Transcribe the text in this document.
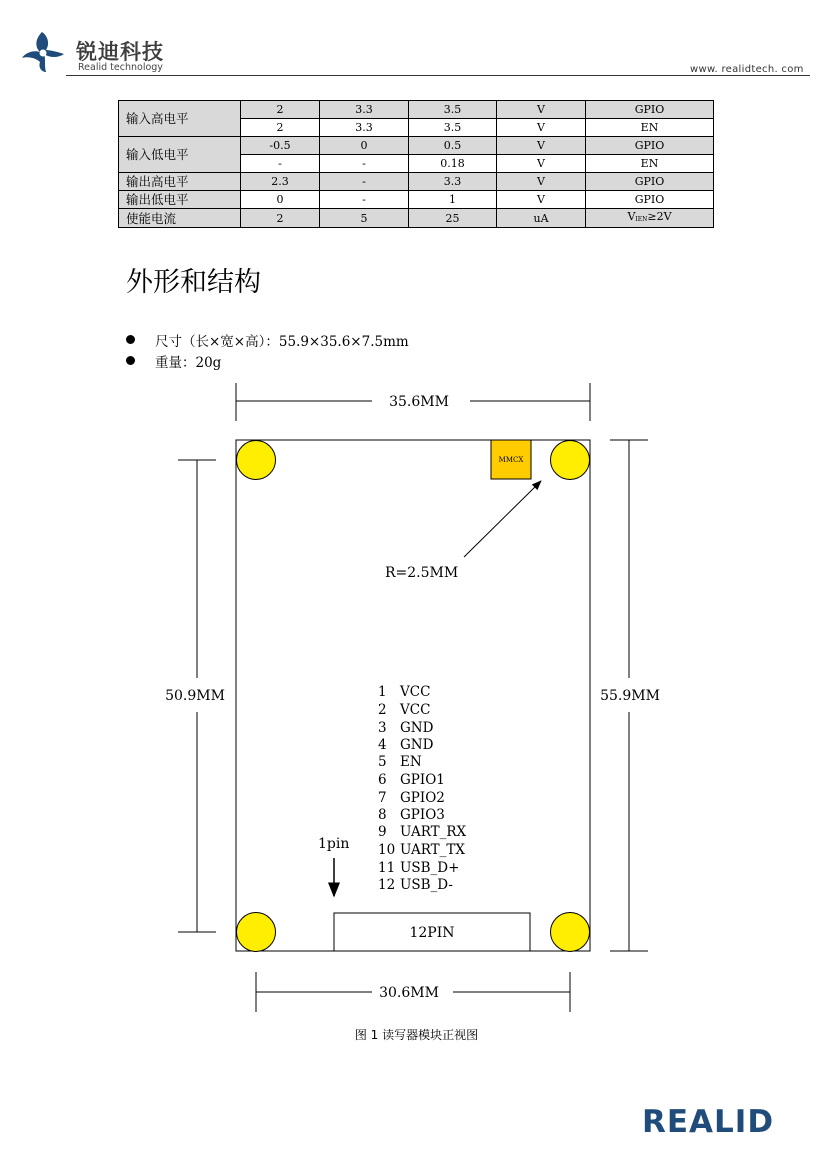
锐迪科技
Realid technology	www. realidtech. com
输入高电平	2	3.3	3.5	V	GPIO
	2	3.3	3.5	V	EN
输入低电平	-0.5	0	0.5	V	GPIO
	-	-	0.18	V	EN
输出高电平	2.3	-	3.3	V	GPIO
输出低电平	0	-	1	V	GPIO
使能电流	2	5	25	uA	$V_{IEN}\ge 2V$
外形和结构
尺寸（长×宽×高）：55.9×35.6×7.5mm
重量：20g
35.6MM
MMCX
R=2.5MM
50.9MM	55.9MM
1 VCC
2 VCC
3 GND
4 GND
5 EN
6 GPIO1
7 GPIO2
8 GPIO3
9 UART_RX
10 UART_TX
11 USB_D+
12 USB_D-
1pin
12PIN
30.6MM
图 1 读写器模块正视图
REALID
